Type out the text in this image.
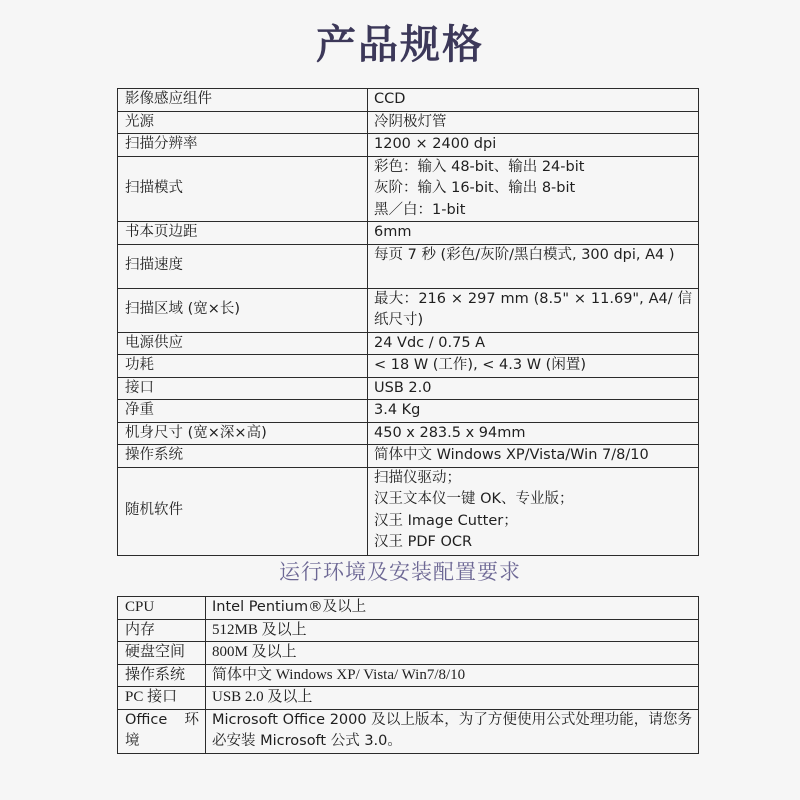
产品规格
影像感应组件	CCD

光源	冷阴极灯管

扫描分辨率	1200 × 2400 dpi

扫描模式	彩色：输入 48-bit、输出 24-bit
灰阶：输入 16-bit、输出 8-bit
黑／白：1-bit

书本页边距	6mm

扫描速度	每页 7 秒 (彩色/灰阶/黑白模式, 300 dpi, A4 )

扫描区域 (宽×长)	最大：216 × 297 mm (8.5" × 11.69", A4/ 信纸尺寸)

电源供应	24 Vdc / 0.75 A

功耗	< 18 W (工作), < 4.3 W (闲置)

接口	USB 2.0

净重	3.4 Kg

机身尺寸 (宽×深×高)	450 x 283.5 x 94mm

操作系统	简体中文 Windows XP/Vista/Win 7/8/10

随机软件	扫描仪驱动；
汉王文本仪一键 OK、专业版；
汉王 Image Cutter；
汉王 PDF OCR
运行环境及安装配置要求
CPU	Intel Pentium®及以上
内存	512MB 及以上
硬盘空间	800M 及以上
操作系统	简体中文 Windows XP/ Vista/ Win7/8/10
PC 接口	USB 2.0 及以上
Office 环境	Microsoft Office 2000 及以上版本，为了方便使用公式处理功能，请您务必安装 Microsoft 公式 3.0。
